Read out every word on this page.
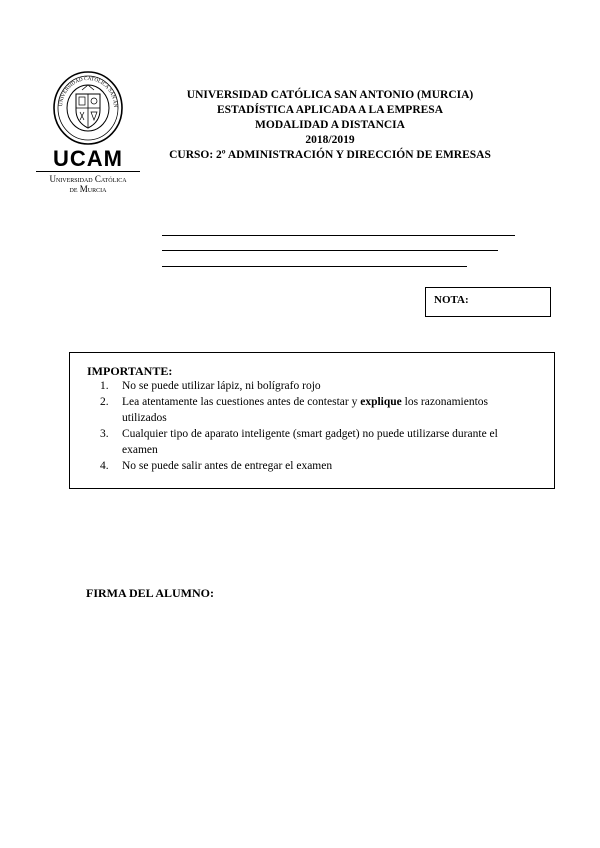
UNIVERSIDAD CATÓLICA SAN AN
UCAM
Universidad Católica
de Murcia
UNIVERSIDAD CATÓLICA SAN ANTONIO (MURCIA)
ESTADÍSTICA APLICADA A LA EMPRESA
MODALIDAD A DISTANCIA
2018/2019
CURSO: 2º ADMINISTRACIÓN Y DIRECCIÓN DE EMRESAS
NOTA:
IMPORTANTE:
1. No se puede utilizar lápiz, ni bolígrafo rojo
2. Lea atentamente las cuestiones antes de contestar y explique los razonamientos utilizados
3. Cualquier tipo de aparato inteligente (smart gadget) no puede utilizarse durante el examen
4. No se puede salir antes de entregar el examen
FIRMA DEL ALUMNO:
